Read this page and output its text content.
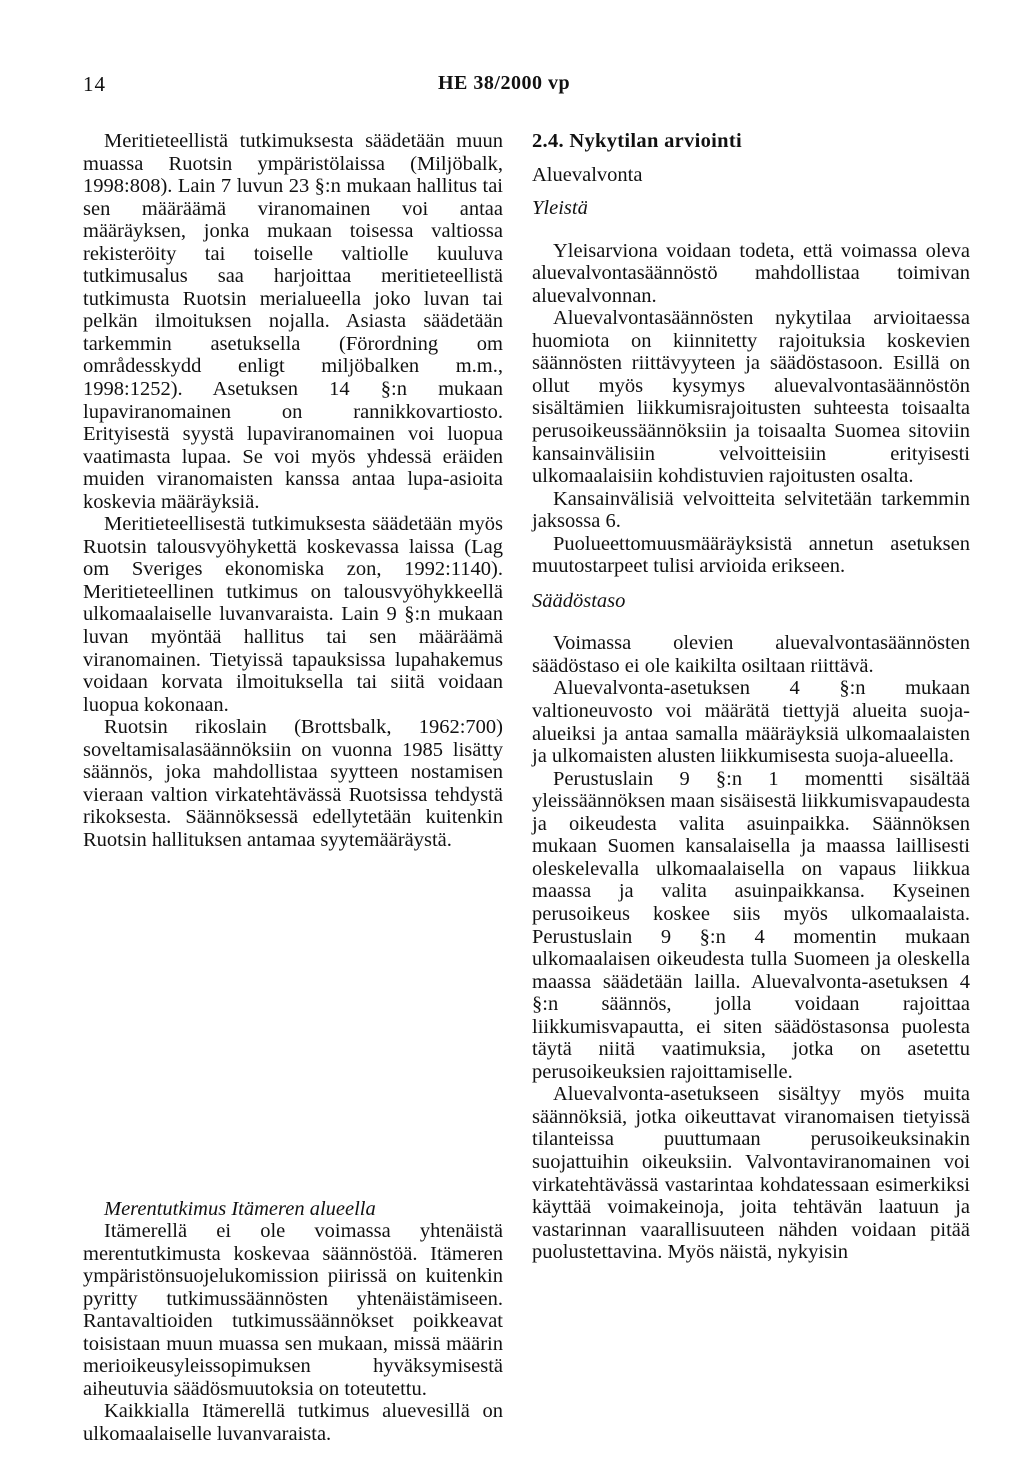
14	HE 38/2000 vp

Meritieteellistä tutkimuksesta säädetään muun muassa Ruotsin ympäristölaissa (Miljöbalk, 1998:808). Lain 7 luvun 23 §:n mukaan hallitus tai sen määräämä viranomainen voi antaa määräyksen, jonka mukaan toisessa valtiossa rekisteröity tai toiselle valtiolle kuuluva tutkimusalus saa harjoittaa meritieteellistä tutkimusta Ruotsin merialueella joko luvan tai pelkän ilmoituksen nojalla. Asiasta säädetään tarkemmin asetuksella (Förordning om områdesskydd enligt miljöbalken m.m., 1998:1252). Asetuksen 14 §:n mukaan lupaviranomainen on rannikkovartiosto. Erityisestä syystä lupaviranomainen voi luopua vaatimasta lupaa. Se voi myös yhdessä eräiden muiden viranomaisten kanssa antaa lupa-asioita koskevia määräyksiä.

Meritieteellisestä tutkimuksesta säädetään myös Ruotsin talousvyöhykettä koskevassa laissa (Lag om Sveriges ekonomiska zon, 1992:1140). Meritieteellinen tutkimus on talousvyöhykkeellä ulkomaalaiselle luvanvaraista. Lain 9 §:n mukaan luvan myöntää hallitus tai sen määräämä viranomainen. Tietyissä tapauksissa lupahakemus voidaan korvata ilmoituksella tai siitä voidaan luopua kokonaan.

Ruotsin rikoslain (Brottsbalk, 1962:700) soveltamisalasäännöksiin on vuonna 1985 lisätty säännös, joka mahdollistaa syytteen nostamisen vieraan valtion virkatehtävässä Ruotsissa tehdystä rikoksesta. Säännöksessä edellytetään kuitenkin Ruotsin hallituksen antamaa syytemääräystä.

Merentutkimus Itämeren alueella

Itämerellä ei ole voimassa yhtenäistä merentutkimusta koskevaa säännöstöä. Itämeren ympäristönsuojelukomission piirissä on kuitenkin pyritty tutkimussäännösten yhtenäistämiseen. Rantavaltioiden tutkimussäännökset poikkeavat toisistaan muun muassa sen mukaan, missä määrin merioikeusyleissopimuksen hyväksymisestä aiheutuvia säädösmuutoksia on toteutettu.

Kaikkialla Itämerellä tutkimus aluevesillä on ulkomaalaiselle luvanvaraista.

2.4. Nykytilan arviointi
Aluevalvonta
Yleistä

Yleisarviona voidaan todeta, että voimassa oleva aluevalvontasäännöstö mahdollistaa toimivan aluevalvonnan.

Aluevalvontasäännösten nykytilaa arvioitaessa huomiota on kiinnitetty rajoituksia koskevien säännösten riittävyyteen ja säädöstasoon. Esillä on ollut myös kysymys aluevalvontasäännöstön sisältämien liikkumisrajoitusten suhteesta toisaalta perusoikeussäännöksiin ja toisaalta Suomea sitoviin kansainvälisiin velvoitteisiin erityisesti ulkomaalaisiin kohdistuvien rajoitusten osalta.

Kansainvälisiä velvoitteita selvitetään tarkemmin jaksossa 6.

Puolueettomuusmääräyksistä annetun asetuksen muutostarpeet tulisi arvioida erikseen.

Säädöstaso

Voimassa olevien aluevalvontasäännösten säädöstaso ei ole kaikilta osiltaan riittävä.

Aluevalvonta-asetuksen 4 §:n mukaan valtioneuvosto voi määrätä tiettyjä alueita suoja-alueiksi ja antaa samalla määräyksiä ulkomaalaisten ja ulkomaisten alusten liikkumisesta suoja-alueella.

Perustuslain 9 §:n 1 momentti sisältää yleissäännöksen maan sisäisestä liikkumisvapaudesta ja oikeudesta valita asuinpaikka. Säännöksen mukaan Suomen kansalaisella ja maassa laillisesti oleskelevalla ulkomaalaisella on vapaus liikkua maassa ja valita asuinpaikkansa. Kyseinen perusoikeus koskee siis myös ulkomaalaista. Perustuslain 9 §:n 4 momentin mukaan ulkomaalaisen oikeudesta tulla Suomeen ja oleskella maassa säädetään lailla. Aluevalvonta-asetuksen 4 §:n säännös, jolla voidaan rajoittaa liikkumisvapautta, ei siten säädöstasonsa puolesta täytä niitä vaatimuksia, jotka on asetettu perusoikeuksien rajoittamiselle.

Aluevalvonta-asetukseen sisältyy myös muita säännöksiä, jotka oikeuttavat viranomaisen tietyissä tilanteissa puuttumaan perusoikeuksinakin suojattuihin oikeuksiin. Valvontaviranomainen voi virkatehtävässä vastarintaa kohdatessaan esimerkiksi käyttää voimakeinoja, joita tehtävän laatuun ja vastarinnan vaarallisuuteen nähden voidaan pitää puolustettavina. Myös näistä, nykyisin
